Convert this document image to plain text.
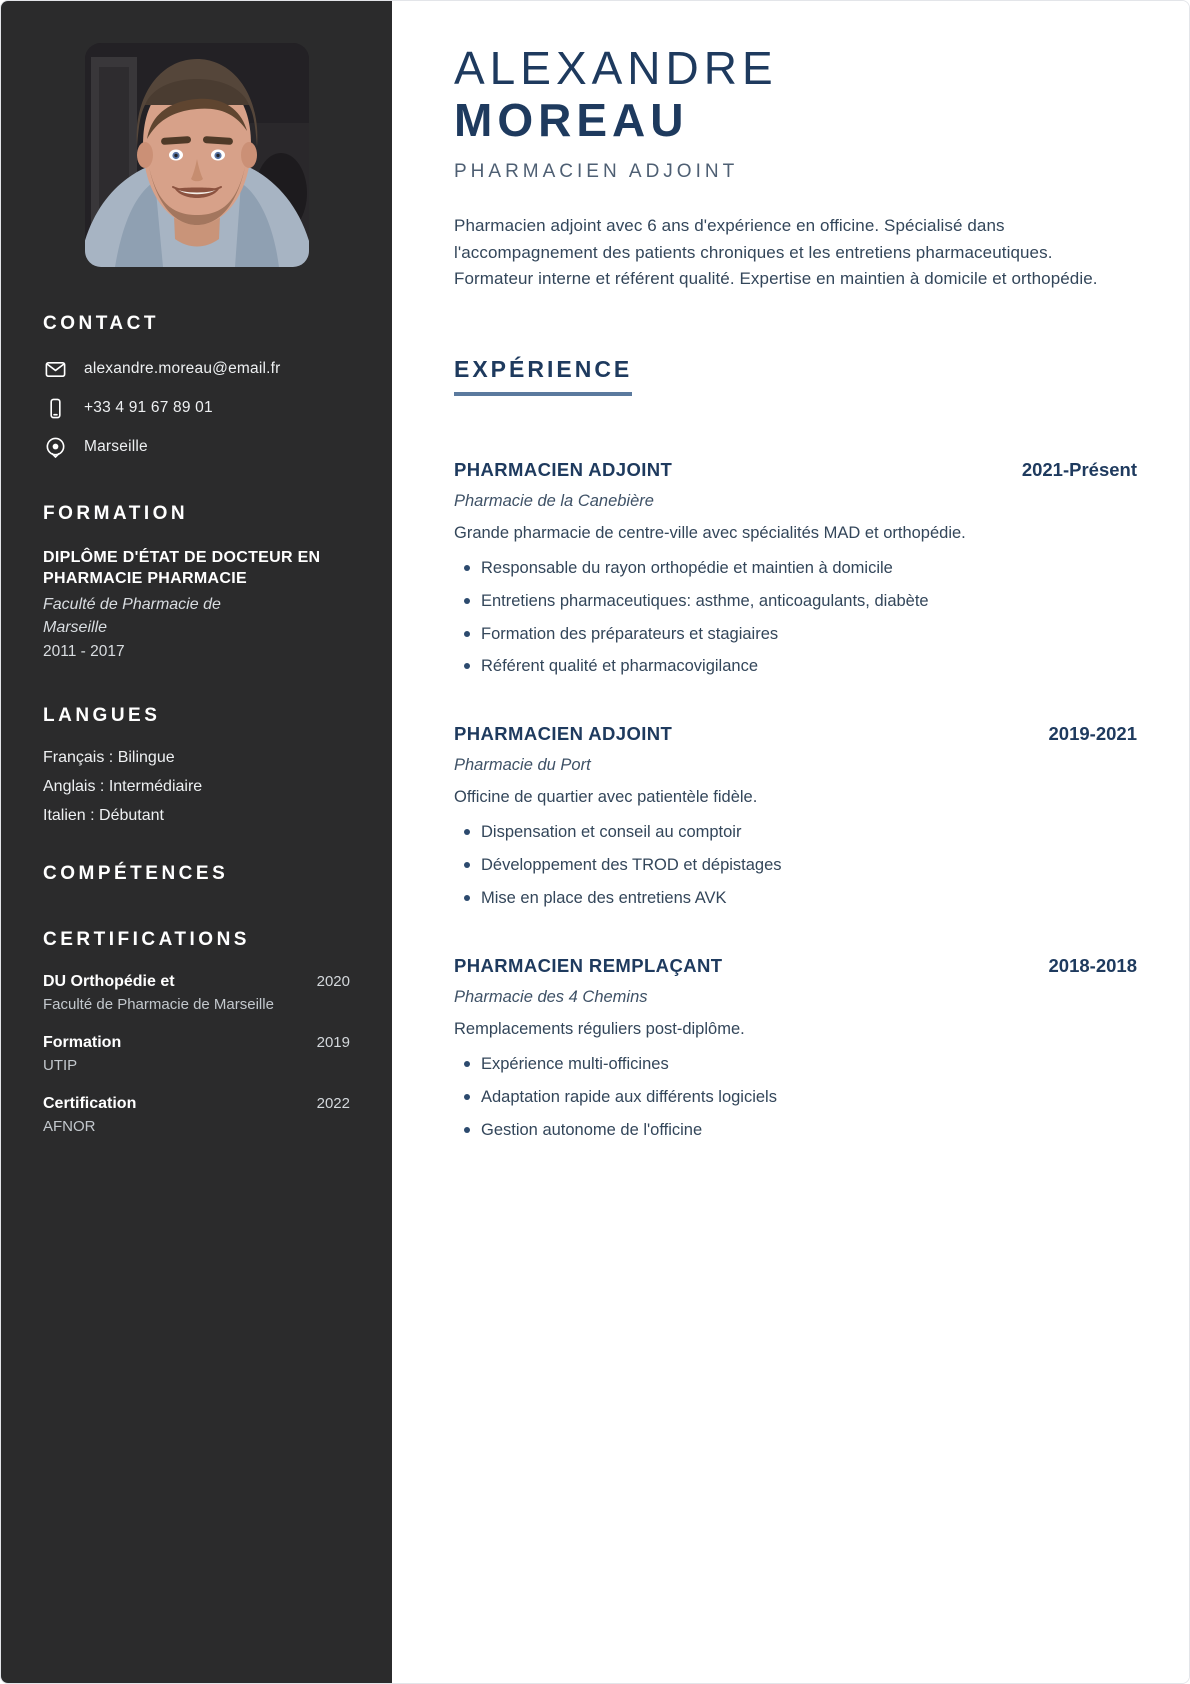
CONTACT
alexandre.moreau@email.fr
+33 4 91 67 89 01
Marseille
FORMATION

DIPLÔME D'ÉTAT DE DOCTEUR EN PHARMACIE PHARMACIE

Faculté de Pharmacie de Marseille

2011 - 2017
LANGUES
Français : Bilingue
Anglais : Intermédiaire
Italien : Débutant
COMPÉTENCES
CERTIFICATIONS
DU Orthopédie et	2020
Faculté de Pharmacie de Marseille
Formation	2019
UTIP
Certification	2022
AFNOR
ALEXANDRE
MOREAU
PHARMACIEN ADJOINT

Pharmacien adjoint avec 6 ans d'expérience en officine. Spécialisé dans l'accompagnement des patients chroniques et les entretiens pharmaceutiques. Formateur interne et référent qualité. Expertise en maintien à domicile et orthopédie.

EXPÉRIENCE
PHARMACIEN ADJOINT	2021-Présent
Pharmacie de la Canebière
Grande pharmacie de centre-ville avec spécialités MAD et orthopédie.
Responsable du rayon orthopédie et maintien à domicile
Entretiens pharmaceutiques: asthme, anticoagulants, diabète
Formation des préparateurs et stagiaires
Référent qualité et pharmacovigilance
PHARMACIEN ADJOINT	2019-2021
Pharmacie du Port
Officine de quartier avec patientèle fidèle.
Dispensation et conseil au comptoir
Développement des TROD et dépistages
Mise en place des entretiens AVK
PHARMACIEN REMPLAÇANT	2018-2018
Pharmacie des 4 Chemins
Remplacements réguliers post-diplôme.
Expérience multi-officines
Adaptation rapide aux différents logiciels
Gestion autonome de l'officine
